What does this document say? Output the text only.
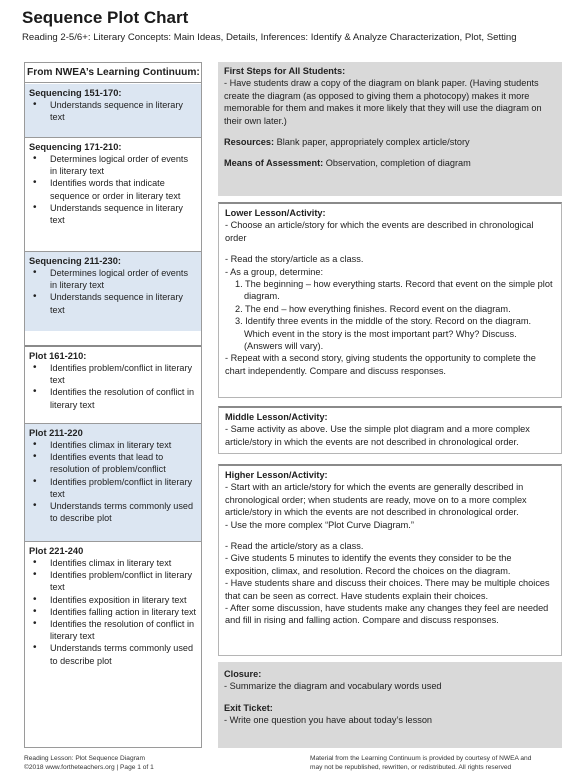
Sequence Plot Chart
Reading 2-5/6+: Literary Concepts: Main Ideas, Details, Inferences: Identify & Analyze Characterization, Plot, Setting
From NWEA’s Learning Continuum:
Sequencing 151-170:
• Understands sequence in literary text
Sequencing 171-210:
• Determines logical order of events in literary text
• Identifies words that indicate sequence or order in literary text
• Understands sequence in literary text
Sequencing 211-230:
• Determines logical order of events in literary text
• Understands sequence in literary text
Plot 161-210:
• Identifies problem/conflict in literary text
• Identifies the resolution of conflict in literary text
Plot 211-220
• Identifies climax in literary text
• Identifies events that lead to resolution of problem/conflict
• Identifies problem/conflict in literary text
• Understands terms commonly used to describe plot
Plot 221-240
• Identifies climax in literary text
• Identifies problem/conflict in literary text
• Identifies exposition in literary text
• Identifies falling action in literary text
• Identifies the resolution of conflict in literary text
• Understands terms commonly used to describe plot

First Steps for All Students:

- Have students draw a copy of the diagram on blank paper. (Having students create the diagram (as opposed to giving them a photocopy) makes it more memorable for them and makes it more likely that they will use the diagram on their own later.)

Resources: Blank paper, appropriately complex article/story

Means of Assessment: Observation, completion of diagram

Lower Lesson/Activity:

- Choose an article/story for which the events are described in chronological order

- Read the story/article as a class.

- As a group, determine:

1. The beginning – how everything starts. Record that event on the simple plot diagram.
2. The end – how everything finishes. Record event on the diagram.
3. Identify three events in the middle of the story. Record on the diagram. Which event in the story is the most important part? Why? Discuss. (Answers will vary).

- Repeat with a second story, giving students the opportunity to complete the chart independently. Compare and discuss responses.

Middle Lesson/Activity:

- Same activity as above. Use the simple plot diagram and a more complex article/story in which the events are not described in chronological order.

Higher Lesson/Activity:

- Start with an article/story for which the events are generally described in chronological order; when students are ready, move on to a more complex article/story in which the events are not described in chronological order.

- Use the more complex “Plot Curve Diagram.”

- Read the article/story as a class.

- Give students 5 minutes to identify the events they consider to be the exposition, climax, and resolution. Record the choices on the diagram.

- Have students share and discuss their choices. There may be multiple choices that can be seen as correct. Have students explain their choices.

- After some discussion, have students make any changes they feel are needed and fill in rising and falling action. Compare and discuss responses.

Closure:

- Summarize the diagram and vocabulary words used

Exit Ticket:

- Write one question you have about today’s lesson

Reading Lesson: Plot Sequence Diagram
©2018 www.fortheteachers.org | Page 1 of 1
Material from the Learning Continuum is provided by courtesy of NWEA and
may not be republished, rewritten, or redistributed. All rights reserved
